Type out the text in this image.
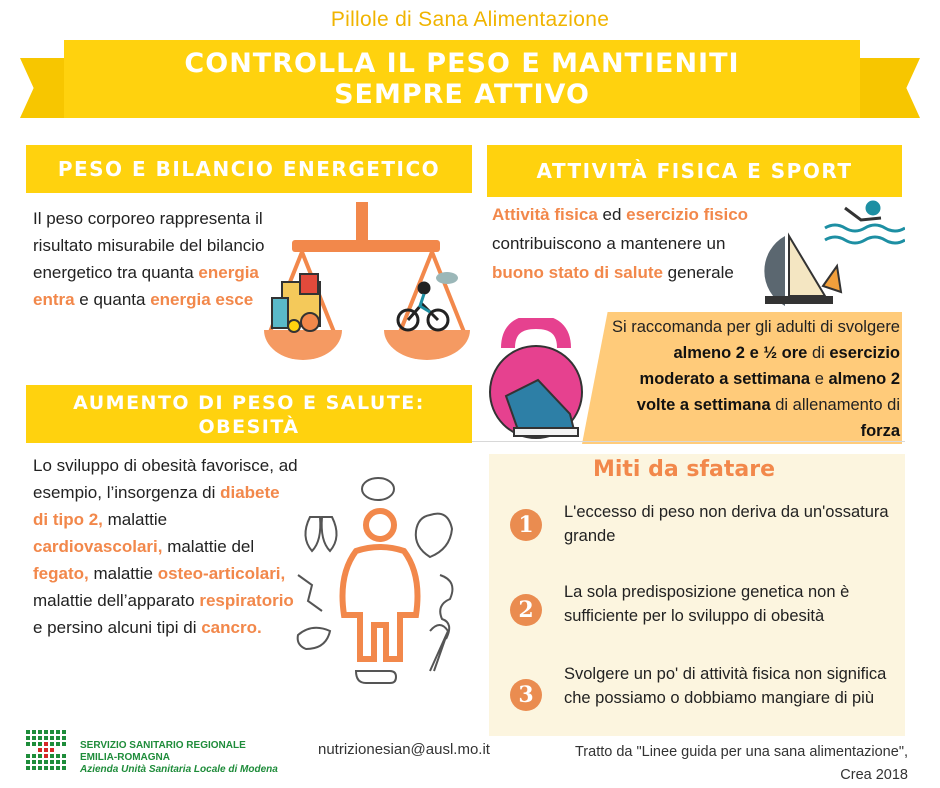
Pillole di Sana Alimentazione
CONTROLLA IL PESO E MANTIENITI
SEMPRE ATTIVO
PESO E BILANCIO ENERGETICO
Il peso corporeo rappresenta il risultato misurabile del bilancio energetico tra quanta energia entra e quanta energia esce
ATTIVITÀ FISICA E SPORT
Attività fisica ed esercizio fisico contribuiscono a mantenere un buono stato di salute generale
Si raccomanda per gli adulti di svolgere almeno 2 e ½ ore di esercizio moderato a settimana e almeno 2 volte a settimana di allenamento di forza
AUMENTO DI PESO E SALUTE:
OBESITÀ
Lo sviluppo di obesità favorisce, ad esempio, l’insorgenza di diabete di tipo 2, malattie cardiovascolari, malattie del fegato, malattie osteo-articolari, malattie dell’apparato respiratorio e persino alcuni tipi di cancro.
Miti da sfatare
1	L'eccesso di peso non deriva da un'ossatura grande
2
La sola predisposizione genetica non è sufficiente per lo sviluppo di obesità
3
Svolgere un po' di attività fisica non significa che possiamo o dobbiamo mangiare di più
SERVIZIO SANITARIO REGIONALE
EMILIA-ROMAGNA
Azienda Unità Sanitaria Locale di Modena
nutrizionesian@ausl.mo.it	Tratto da "Linee guida per una sana alimentazione",
Crea 2018
